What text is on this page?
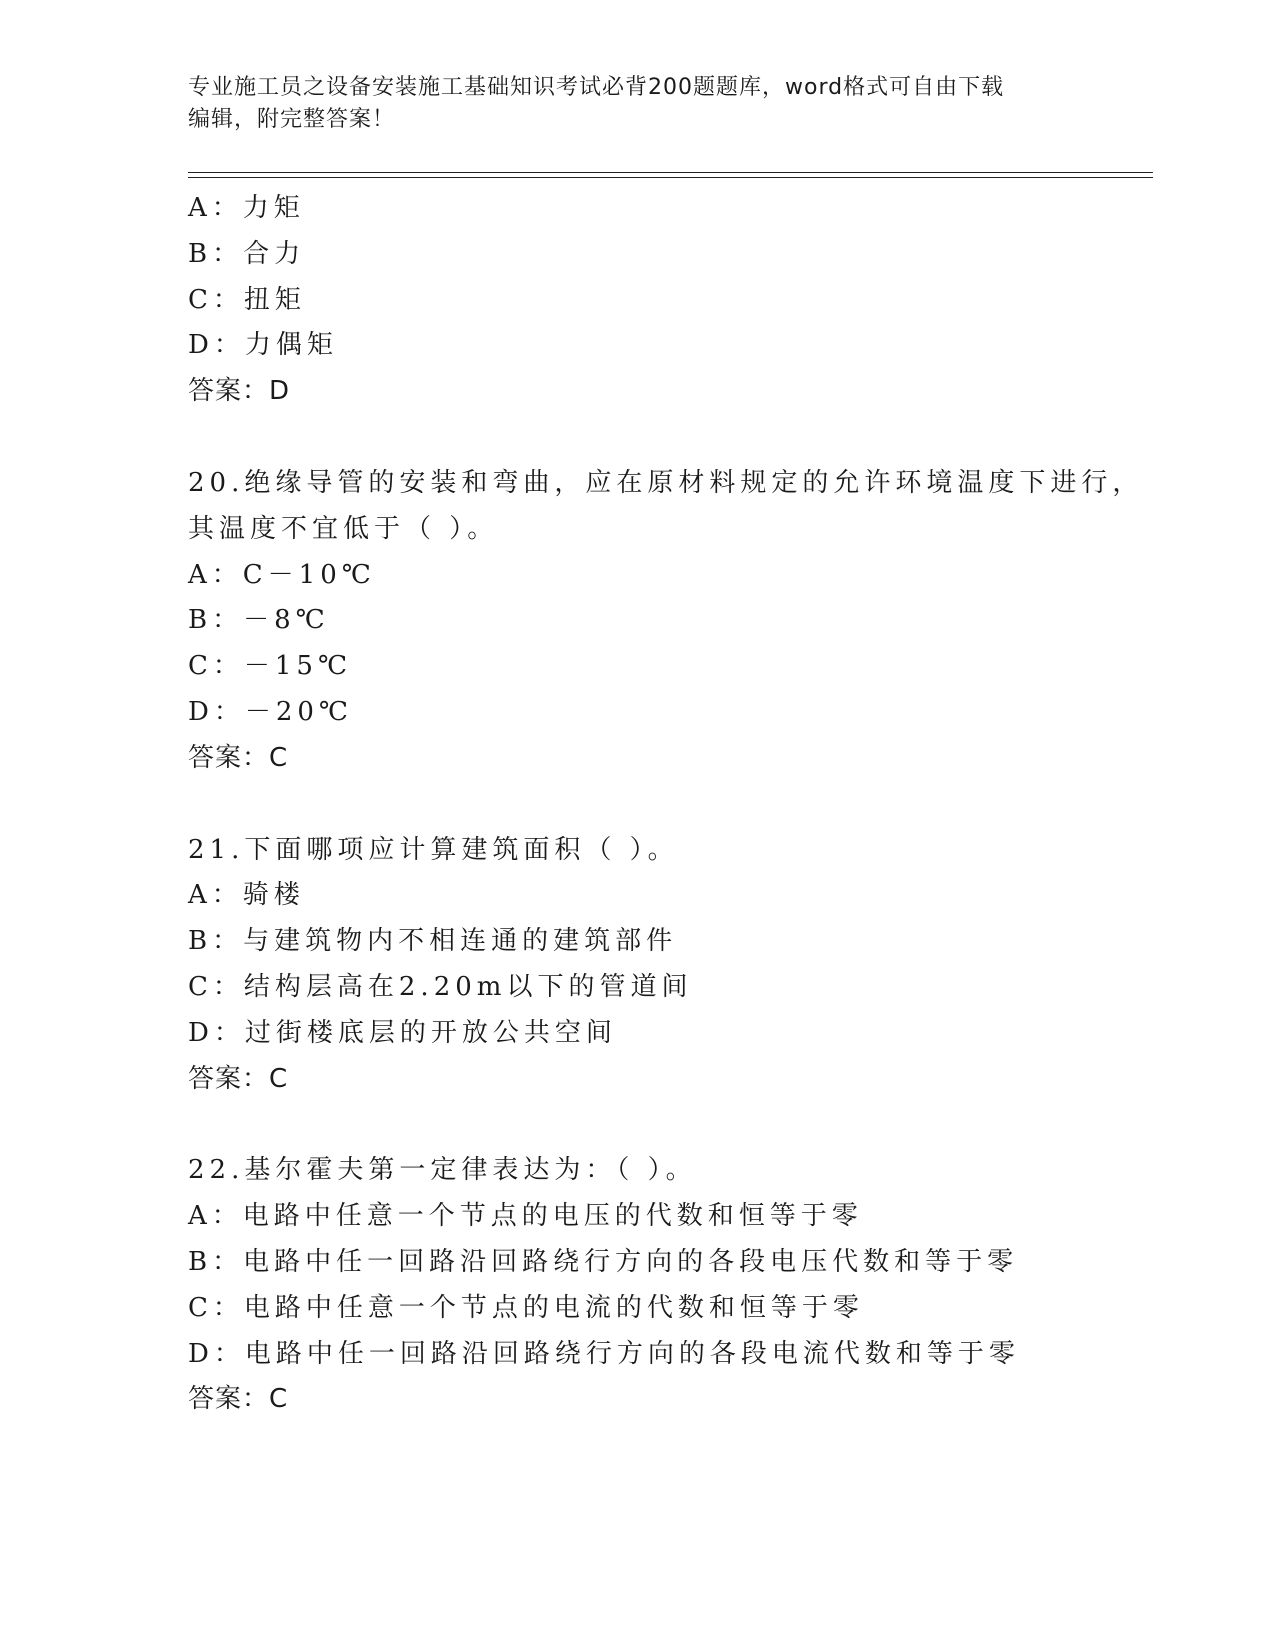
专业施工员之设备安装施工基础知识考试必背200题题库，word格式可自由下载
编辑，附完整答案！
A：力矩
B：合力
C：扭矩
D：力偶矩
答案：D
20.绝缘导管的安装和弯曲，应在原材料规定的允许环境温度下进行，
其温度不宜低于（ ）。
A：C－10℃
B：－8℃
C：－15℃
D：－20℃
答案：C
21.下面哪项应计算建筑面积（ ）。
A：骑楼
B：与建筑物内不相连通的建筑部件
C：结构层高在2.20m以下的管道间
D：过街楼底层的开放公共空间
答案：C
22.基尔霍夫第一定律表达为：（ ）。
A：电路中任意一个节点的电压的代数和恒等于零
B：电路中任一回路沿回路绕行方向的各段电压代数和等于零
C：电路中任意一个节点的电流的代数和恒等于零
D：电路中任一回路沿回路绕行方向的各段电流代数和等于零
答案：C
